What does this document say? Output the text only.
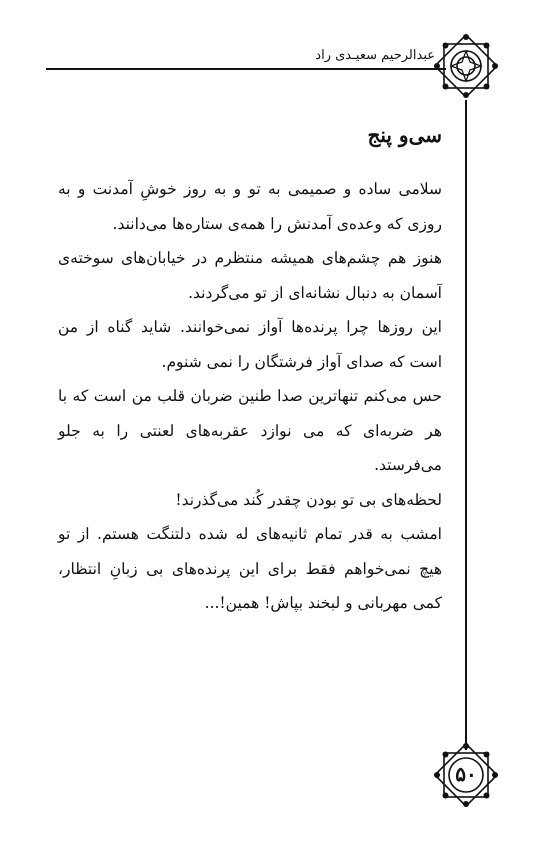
عبدالرحیم سعیـدی راد
۵۰
سی‌و پنج

سلامی ساده و صمیمی به تو و به روز خوشِ آمدنت و به روزی که وعده‌ی آمدنش را همه‌ی ستاره‌ها می‌دانند.

هنوز هم چشم‌های همیشه منتظرم در خیابان‌های سوخته‌ی آسمان به دنبال نشانه‌ای از تو می‌گردند.

این روزها چرا پرنده‌ها آواز نمی‌خوانند. شاید گناه از من است که صدای آواز فرشتگان را نمی شنوم.

حس می‌کنم تنهاترین صدا طنین ضربان قلب من است که با هر ضربه‌ای که می نوازد عقربه‌های لعنتی را به جلو می‌فرستد.

لحظه‌های بی تو بودن چقدر کُند می‌گذرند!

امشب به قدر تمام ثانیه‌های له شده دلتنگت هستم. از تو هیچ نمی‌خواهم فقط برای این پرنده‌های بی زبانِ انتظار، کمی مهربانی و لبخند بپاش! همین!...
